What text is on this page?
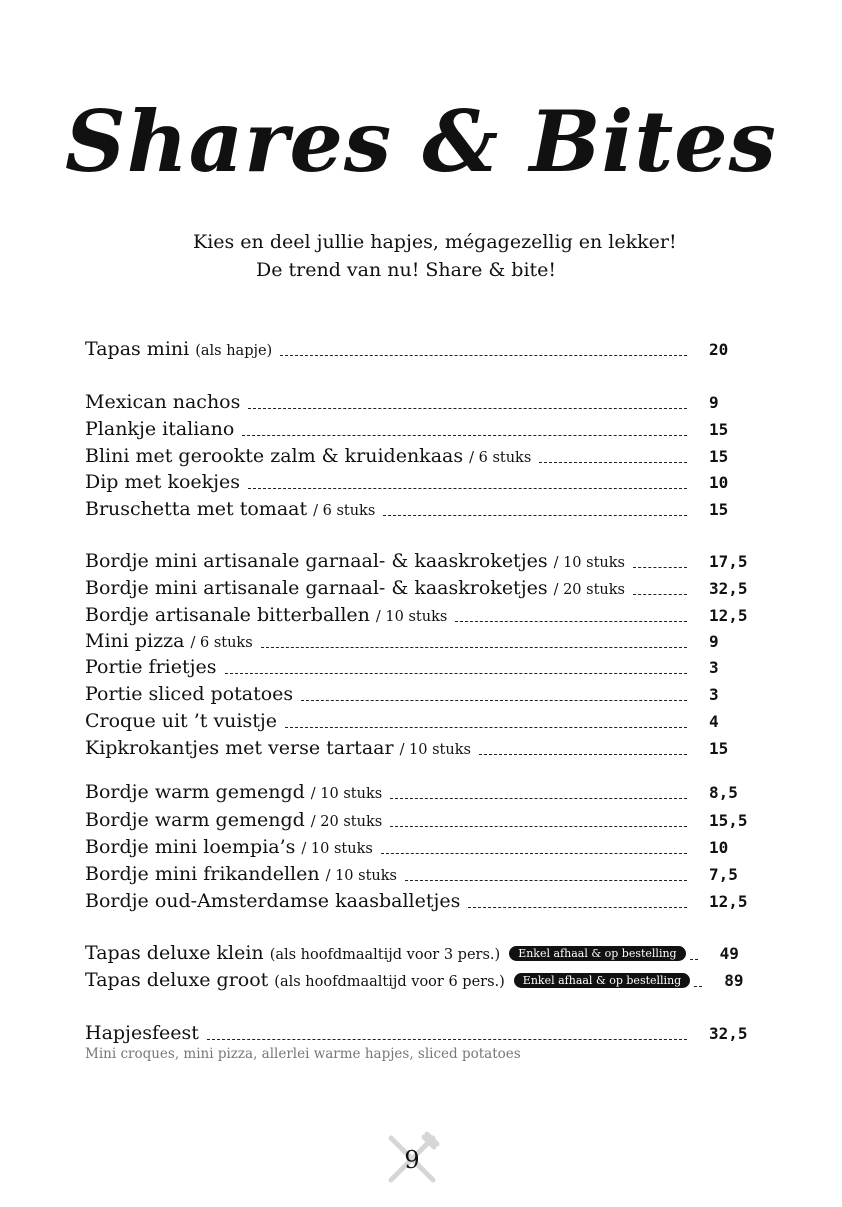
Shares & Bites
Kies en deel jullie hapjes, mégagezellig en lekker!
De trend van nu! Share & bite!
Tapas mini (als hapje)	20
Mexican nachos	9
Plankje italiano	15
Blini met gerookte zalm & kruidenkaas / 6 stuks	15
Dip met koekjes	10
Bruschetta met tomaat / 6 stuks	15
Bordje mini artisanale garnaal- & kaaskroketjes / 10 stuks	17,5
Bordje mini artisanale garnaal- & kaaskroketjes / 20 stuks	32,5
Bordje artisanale bitterballen / 10 stuks	12,5
Mini pizza / 6 stuks	9
Portie frietjes	3
Portie sliced potatoes	3
Croque uit ’t vuistje	4
Kipkrokantjes met verse tartaar / 10 stuks	15
Bordje warm gemengd / 10 stuks	8,5
Bordje warm gemengd / 20 stuks	15,5
Bordje mini loempia’s / 10 stuks	10
Bordje mini frikandellen / 10 stuks	7,5
Bordje oud-Amsterdamse kaasballetjes	12,5
Tapas deluxe klein (als hoofdmaaltijd voor 3 pers.)	Enkel afhaal & op bestelling	49
Tapas deluxe groot (als hoofdmaaltijd voor 6 pers.)	Enkel afhaal & op bestelling	89
Hapjesfeest	32,5
Mini croques, mini pizza, allerlei warme hapjes, sliced potatoes
9
